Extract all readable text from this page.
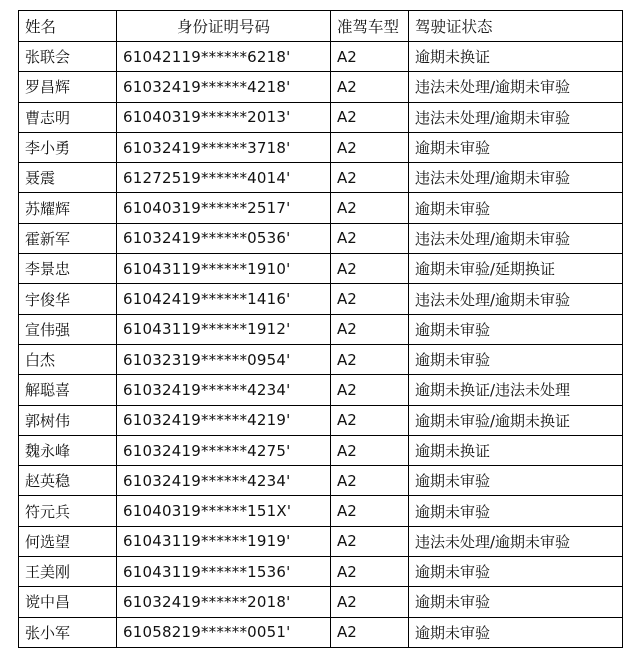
姓名	身份证明号码	准驾车型	驾驶证状态
张联会	61042119******6218'	A2	逾期未换证
罗昌辉	61032419******4218'	A2	违法未处理/逾期未审验
曹志明	61040319******2013'	A2	违法未处理/逾期未审验
李小勇	61032419******3718'	A2	逾期未审验
聂震	61272519******4014'	A2	违法未处理/逾期未审验
苏耀辉	61040319******2517'	A2	逾期未审验
霍新军	61032419******0536'	A2	违法未处理/逾期未审验
李景忠	61043119******1910'	A2	逾期未审验/延期换证
宇俊华	61042419******1416'	A2	违法未处理/逾期未审验
宣伟强	61043119******1912'	A2	逾期未审验
白杰	61032319******0954'	A2	逾期未审验
解聪喜	61032419******4234'	A2	逾期未换证/违法未处理
郭树伟	61032419******4219'	A2	逾期未审验/逾期未换证
魏永峰	61032419******4275'	A2	逾期未换证
赵英稳	61032419******4234'	A2	逾期未审验
符元兵	61040319******151X'	A2	逾期未审验
何选望	61043119******1919'	A2	违法未处理/逾期未审验
王美刚	61043119******1536'	A2	逾期未审验
谠中昌	61032419******2018'	A2	逾期未审验
张小军	61058219******0051'	A2	逾期未审验
